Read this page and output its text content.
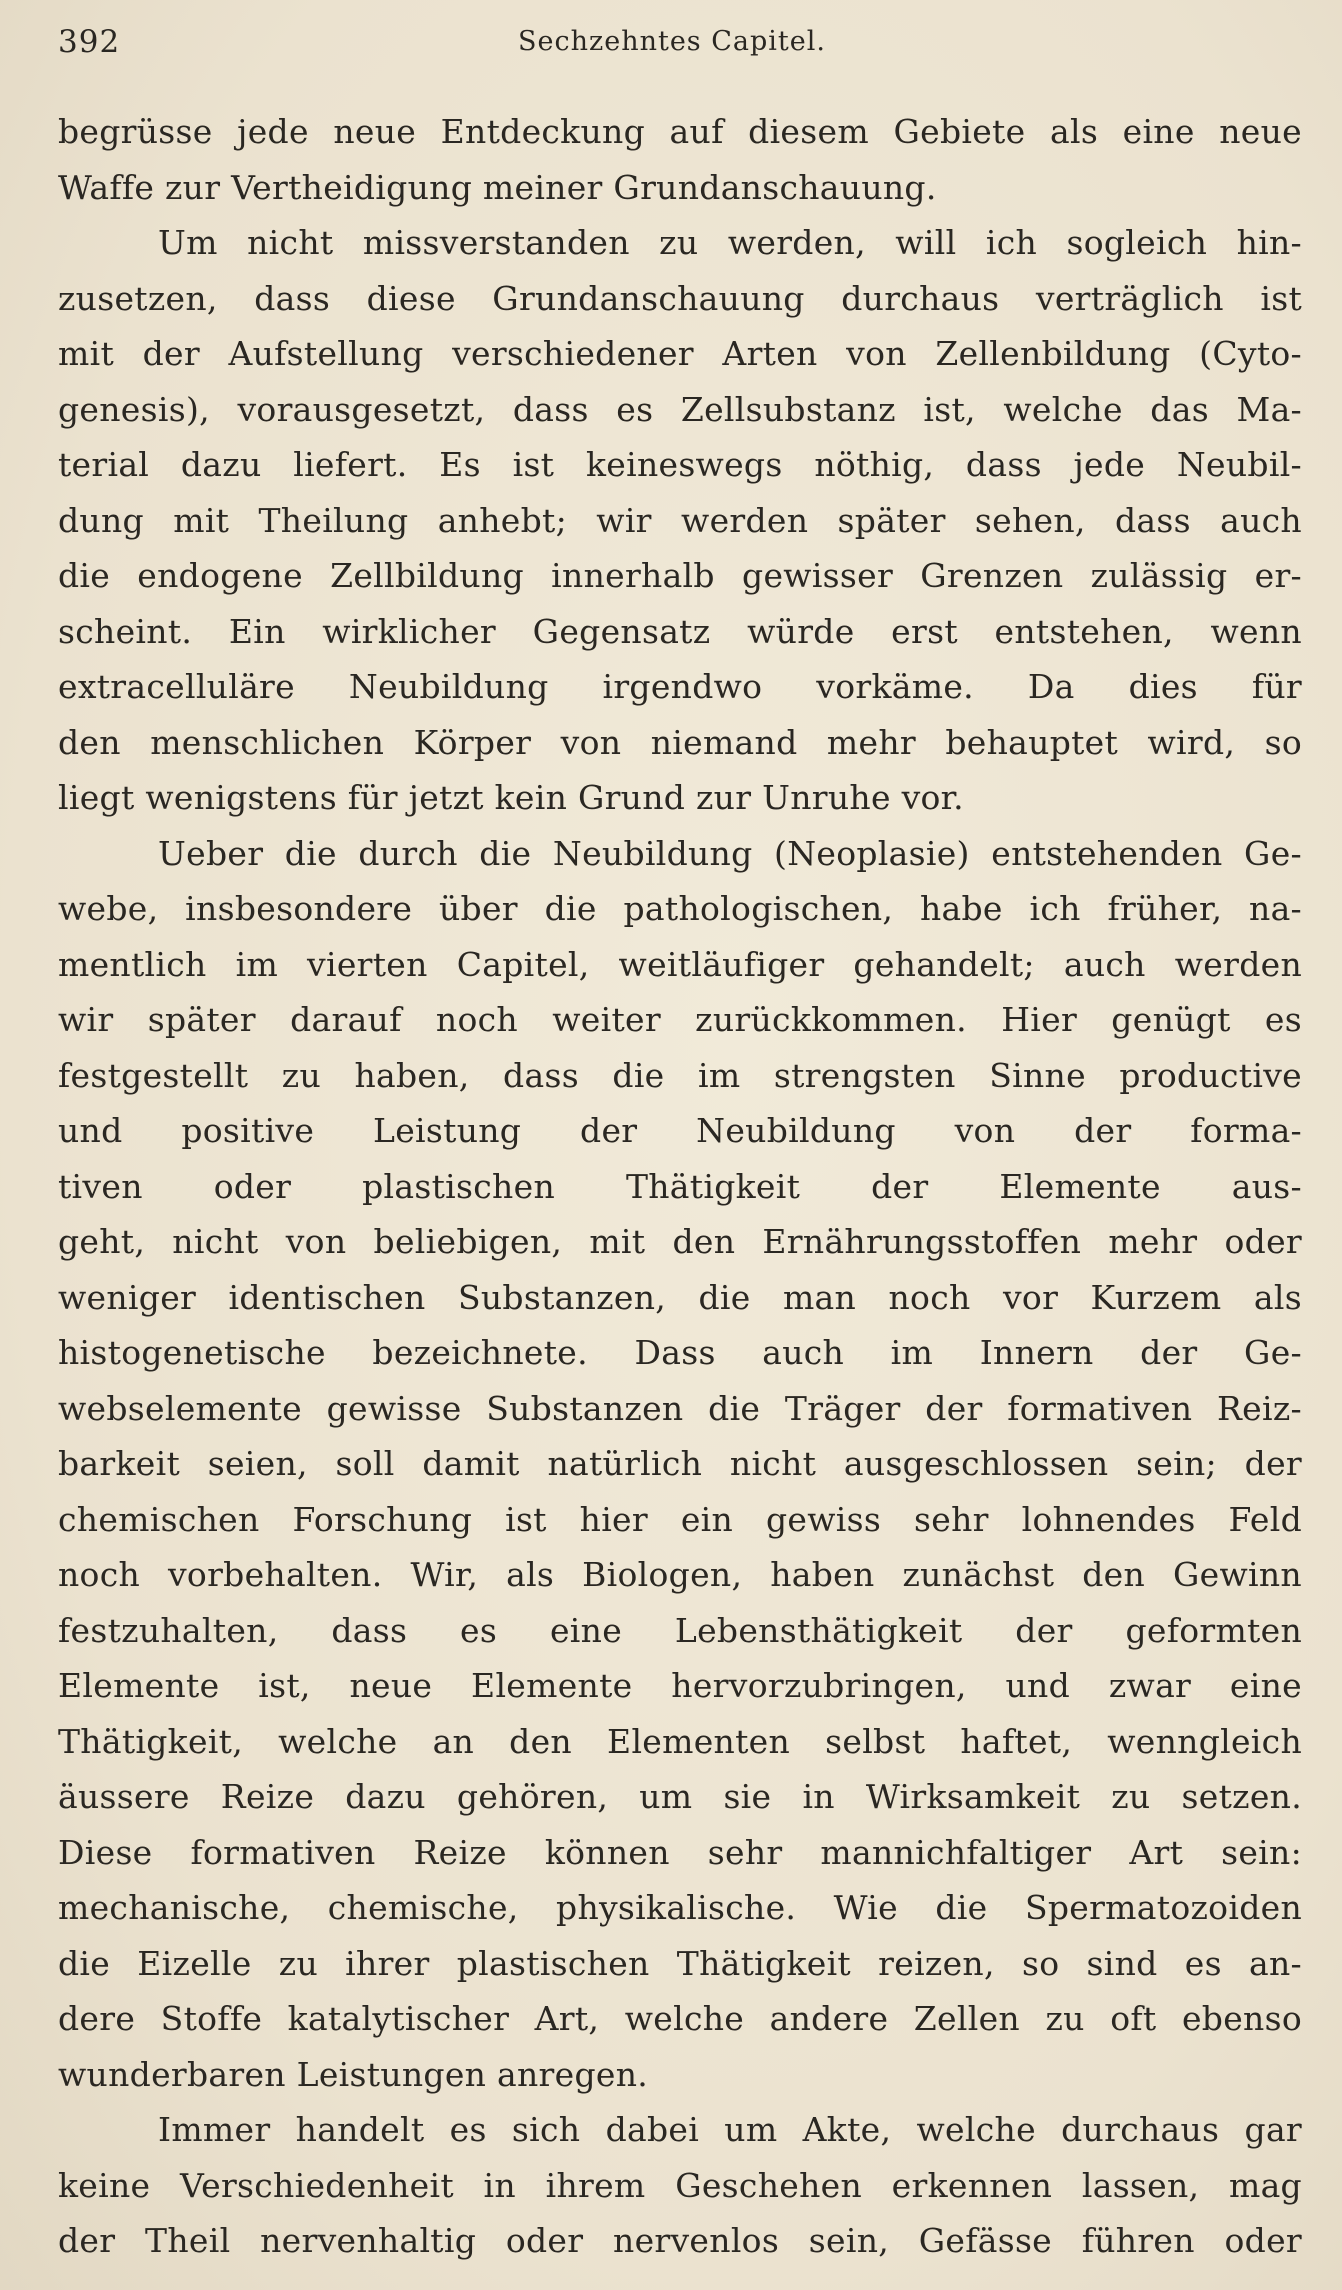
392	Sechzehntes Capitel.
begrüsse jede neue Entdeckung auf diesem Gebiete als eine neue
Waffe zur Vertheidigung meiner Grundanschauung.
Um nicht missverstanden zu werden, will ich sogleich hin-
zusetzen, dass diese Grundanschauung durchaus verträglich ist
mit der Aufstellung verschiedener Arten von Zellenbildung (Cyto-
genesis), vorausgesetzt, dass es Zellsubstanz ist, welche das Ma-
terial dazu liefert. Es ist keineswegs nöthig, dass jede Neubil-
dung mit Theilung anhebt; wir werden später sehen, dass auch
die endogene Zellbildung innerhalb gewisser Grenzen zulässig er-
scheint. Ein wirklicher Gegensatz würde erst entstehen, wenn
extracelluläre Neubildung irgendwo vorkäme. Da dies für
den menschlichen Körper von niemand mehr behauptet wird, so
liegt wenigstens für jetzt kein Grund zur Unruhe vor.
Ueber die durch die Neubildung (Neoplasie) entstehenden Ge-
webe, insbesondere über die pathologischen, habe ich früher, na-
mentlich im vierten Capitel, weitläufiger gehandelt; auch werden
wir später darauf noch weiter zurückkommen. Hier genügt es
festgestellt zu haben, dass die im strengsten Sinne productive
und positive Leistung der Neubildung von der forma-
tiven oder plastischen Thätigkeit der Elemente aus-
geht, nicht von beliebigen, mit den Ernährungsstoffen mehr oder
weniger identischen Substanzen, die man noch vor Kurzem als
histogenetische bezeichnete. Dass auch im Innern der Ge-
webselemente gewisse Substanzen die Träger der formativen Reiz-
barkeit seien, soll damit natürlich nicht ausgeschlossen sein; der
chemischen Forschung ist hier ein gewiss sehr lohnendes Feld
noch vorbehalten. Wir, als Biologen, haben zunächst den Gewinn
festzuhalten, dass es eine Lebensthätigkeit der geformten
Elemente ist, neue Elemente hervorzubringen, und zwar eine
Thätigkeit, welche an den Elementen selbst haftet, wenngleich
äussere Reize dazu gehören, um sie in Wirksamkeit zu setzen.
Diese formativen Reize können sehr mannichfaltiger Art sein:
mechanische, chemische, physikalische. Wie die Spermatozoiden
die Eizelle zu ihrer plastischen Thätigkeit reizen, so sind es an-
dere Stoffe katalytischer Art, welche andere Zellen zu oft ebenso
wunderbaren Leistungen anregen.
Immer handelt es sich dabei um Akte, welche durchaus gar
keine Verschiedenheit in ihrem Geschehen erkennen lassen, mag
der Theil nervenhaltig oder nervenlos sein, Gefässe führen oder
